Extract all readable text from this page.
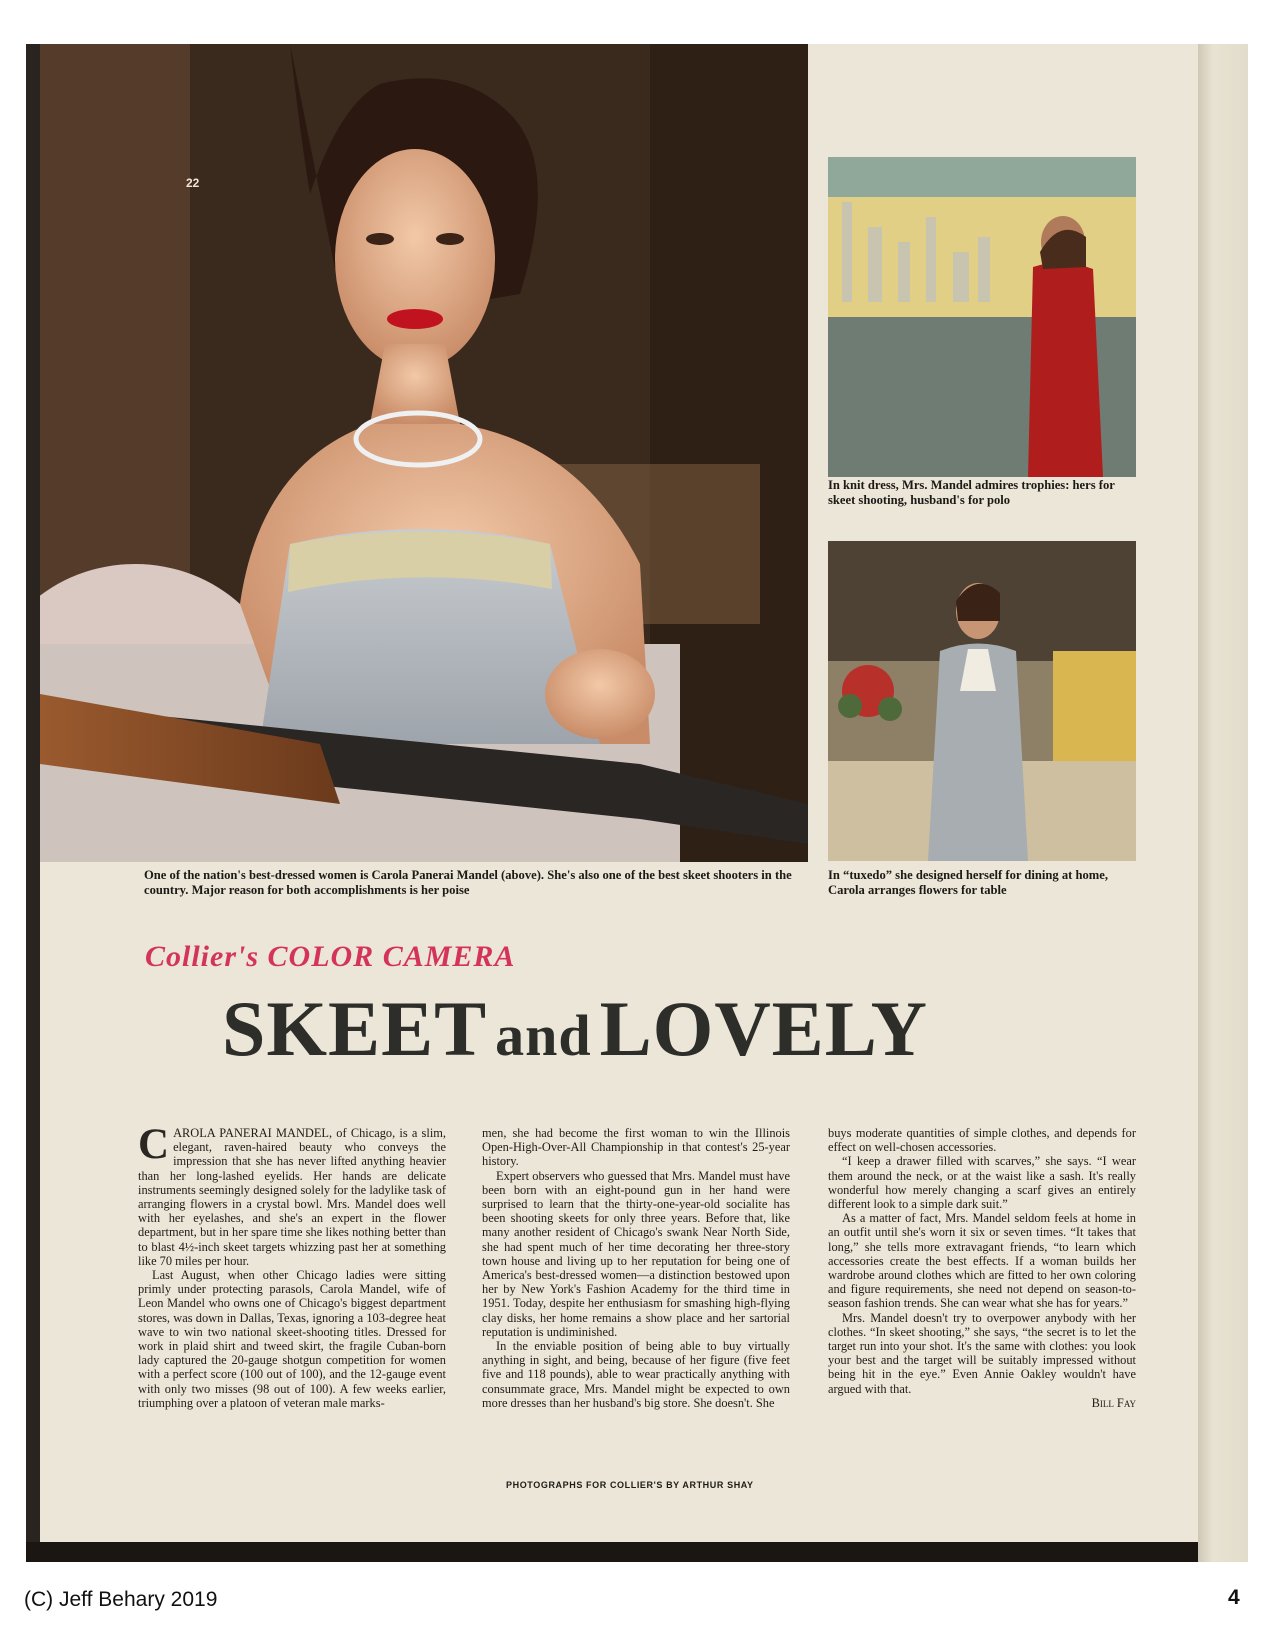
22

In knit dress, Mrs. Mandel admires trophies: hers for skeet shooting, husband's for polo

In “tuxedo” she designed herself for dining at home, Carola arranges flowers for table

One of the nation's best-dressed women is Carola Panerai Mandel (above). She's also one of the best skeet shooters in the country. Major reason for both accomplishments is her poise

Collier's COLOR CAMERA

SKEET and LOVELY

CAROLA PANERAI MANDEL, of Chicago, is a slim, elegant, raven-haired beauty who conveys the impression that she has never lifted anything heavier than her long-lashed eyelids. Her hands are delicate instruments seemingly designed solely for the ladylike task of arranging flowers in a crystal bowl. Mrs. Mandel does well with her eyelashes, and she's an expert in the flower department, but in her spare time she likes nothing better than to blast 4½-inch skeet targets whizzing past her at something like 70 miles per hour.

Last August, when other Chicago ladies were sitting primly under protecting parasols, Carola Mandel, wife of Leon Mandel who owns one of Chicago's biggest department stores, was down in Dallas, Texas, ignoring a 103-degree heat wave to win two national skeet-shooting titles. Dressed for work in plaid shirt and tweed skirt, the fragile Cuban-born lady captured the 20-gauge shotgun competition for women with a perfect score (100 out of 100), and the 12-gauge event with only two misses (98 out of 100). A few weeks earlier, triumphing over a platoon of veteran male marks-

men, she had become the first woman to win the Illinois Open-High-Over-All Championship in that contest's 25-year history.

Expert observers who guessed that Mrs. Mandel must have been born with an eight-pound gun in her hand were surprised to learn that the thirty-one-year-old socialite has been shooting skeets for only three years. Before that, like many another resident of Chicago's swank Near North Side, she had spent much of her time decorating her three-story town house and living up to her reputation for being one of America's best-dressed women—a distinction bestowed upon her by New York's Fashion Academy for the third time in 1951. Today, despite her enthusiasm for smashing high-flying clay disks, her home remains a show place and her sartorial reputation is undiminished.

In the enviable position of being able to buy virtually anything in sight, and being, because of her figure (five feet five and 118 pounds), able to wear practically anything with consummate grace, Mrs. Mandel might be expected to own more dresses than her husband's big store. She doesn't. She

buys moderate quantities of simple clothes, and depends for effect on well-chosen accessories.

“I keep a drawer filled with scarves,” she says. “I wear them around the neck, or at the waist like a sash. It's really wonderful how merely changing a scarf gives an entirely different look to a simple dark suit.”

As a matter of fact, Mrs. Mandel seldom feels at home in an outfit until she's worn it six or seven times. “It takes that long,” she tells more extravagant friends, “to learn which accessories create the best effects. If a woman builds her wardrobe around clothes which are fitted to her own coloring and figure requirements, she need not depend on season-to-season fashion trends. She can wear what she has for years.”

Mrs. Mandel doesn't try to overpower anybody with her clothes. “In skeet shooting,” she says, “the secret is to let the target run into your shot. It's the same with clothes: you look your best and the target will be suitably impressed without being hit in the eye.” Even Annie Oakley wouldn't have argued with that.

Bill Fay

PHOTOGRAPHS FOR COLLIER'S BY ARTHUR SHAY

(C) Jeff Behary 2019	4
